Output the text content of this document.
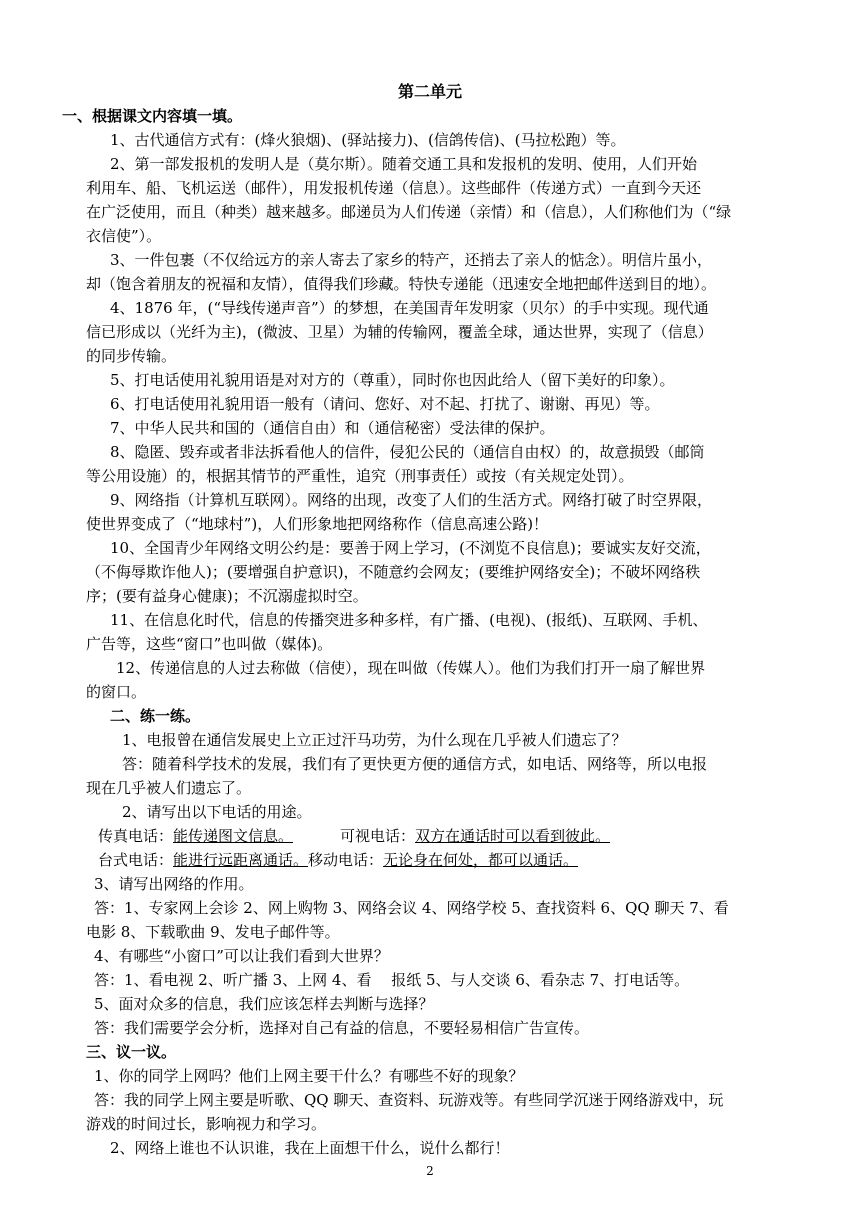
第二单元
一、根据课文内容填一填。
1、古代通信方式有：(烽火狼烟)、(驿站接力)、(信鸽传信)、(马拉松跑）等。
2、第一部发报机的发明人是（莫尔斯）。随着交通工具和发报机的发明、使用，人们开始
利用车、船、飞机运送（邮件），用发报机传递（信息）。这些邮件（传递方式）一直到今天还
在广泛使用，而且（种类）越来越多。邮递员为人们传递（亲情）和（信息），人们称他们为（“绿
衣信使”）。
3、一件包裹（不仅给远方的亲人寄去了家乡的特产，还捎去了亲人的惦念）。明信片虽小，
却（饱含着朋友的祝福和友情），值得我们珍藏。特快专递能（迅速安全地把邮件送到目的地）。
4、1876 年，(“导线传递声音”）的梦想，在美国青年发明家（贝尔）的手中实现。现代通
信已形成以（光纤为主)，(微波、卫星）为辅的传输网，覆盖全球，通达世界，实现了（信息）
的同步传输。
5、打电话使用礼貌用语是对对方的（尊重），同时你也因此给人（留下美好的印象）。
6、打电话使用礼貌用语一般有（请问、您好、对不起、打扰了、谢谢、再见）等。
7、中华人民共和国的（通信自由）和（通信秘密）受法律的保护。
8、隐匿、毁弃或者非法拆看他人的信件，侵犯公民的（通信自由权）的，故意损毁（邮筒
等公用设施）的，根据其情节的严重性，追究（刑事责任）或按（有关规定处罚）。
9、网络指（计算机互联网）。网络的出现，改变了人们的生活方式。网络打破了时空界限，
使世界变成了（“地球村”)，人们形象地把网络称作（信息高速公路)！
10、全国青少年网络文明公约是：要善于网上学习，(不浏览不良信息)；要诚实友好交流，
（不侮辱欺诈他人)；(要增强自护意识)，不随意约会网友；(要维护网络安全)；不破坏网络秩
序；(要有益身心健康)；不沉溺虚拟时空。
11、在信息化时代，信息的传播突进多种多样，有广播、(电视)、(报纸)、互联网、手机、
广告等，这些“窗口”也叫做（媒体)。
12、传递信息的人过去称做（信使），现在叫做（传媒人）。他们为我们打开一扇了解世界
的窗口。
二、练一练。
1、电报曾在通信发展史上立正过汗马功劳，为什么现在几乎被人们遗忘了？
答：随着科学技术的发展，我们有了更快更方便的通信方式，如电话、网络等，所以电报
现在几乎被人们遗忘了。
2、请写出以下电话的用途。
传真电话：能传递图文信息。	可视电话：双方在通话时可以看到彼此。
台式电话：能进行远距离通话。移动电话：无论身在何处，都可以通话。
3、请写出网络的作用。
答：1、专家网上会诊 2、网上购物 3、网络会议 4、网络学校 5、查找资料 6、QQ 聊天 7、看
电影 8、下载歌曲 9、发电子邮件等。
4、有哪些“小窗口”可以让我们看到大世界？
答：1、看电视 2、听广播 3、上网 4、看　 报纸 5、与人交谈 6、看杂志 7、打电话等。
5、面对众多的信息，我们应该怎样去判断与选择？
答：我们需要学会分析，选择对自己有益的信息，不要轻易相信广告宣传。
三、议一议。
1、你的同学上网吗？他们上网主要干什么？有哪些不好的现象？
答：我的同学上网主要是听歌、QQ 聊天、查资料、玩游戏等。有些同学沉迷于网络游戏中，玩
游戏的时间过长，影响视力和学习。
2、网络上谁也不认识谁，我在上面想干什么，说什么都行！
2
